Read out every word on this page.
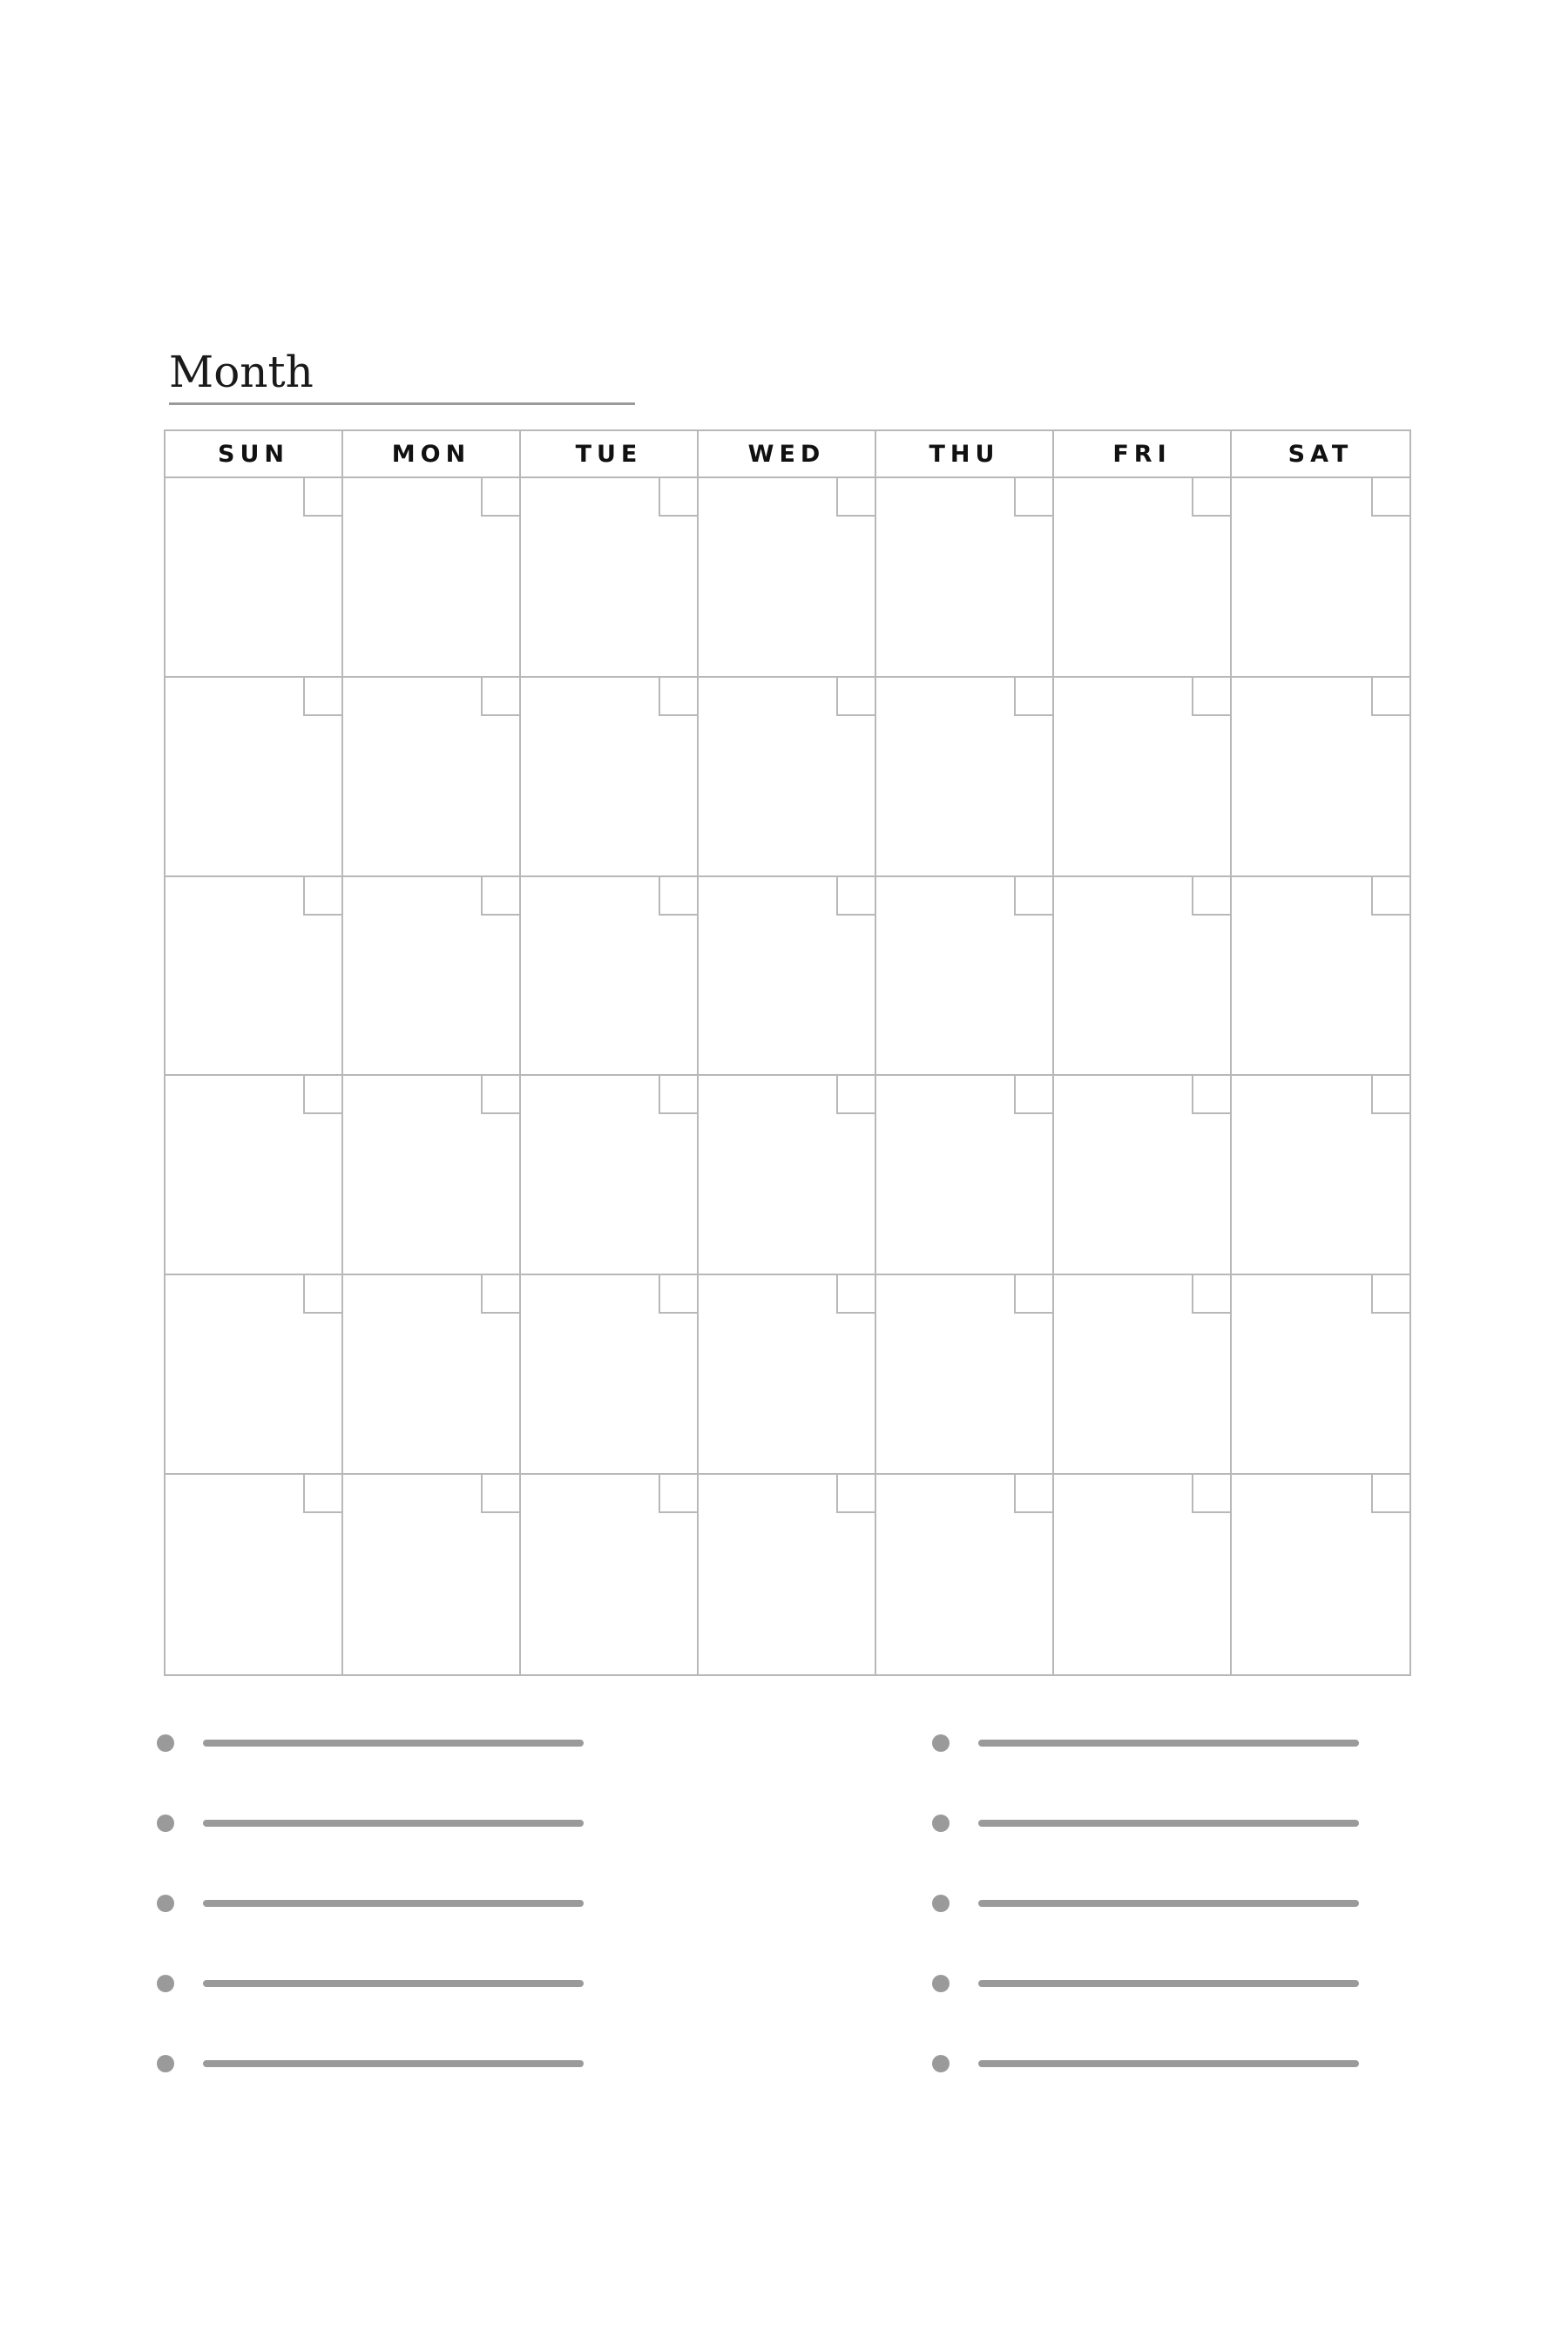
Month
SUN	MON	TUE	WED	THU	FRI	SAT
